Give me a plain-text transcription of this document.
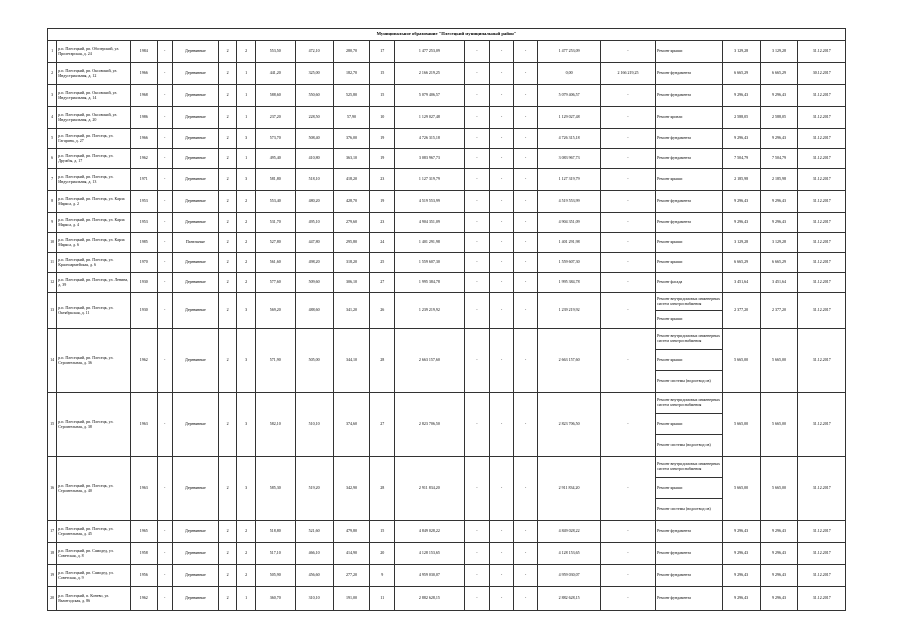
Муниципальное образование "Плесецкий муниципальный район"																				
1	р.п. Плесецкий, рп. Обозерский, ул. Пролетарская, д. 24	1984	-	Деревянные	2	2	553,50	472,10	280,70	17	1 477 253,09	-	-	-	1 477 253,09	-	Ремонт крыши	3 129,28	3 129,28	31.12.2017
2	р.п. Плесецкий, рп. Оксовский, ул. Индустриальная, д. 12	1966	-	Деревянные	2	1	441,20	325,00	182,70	15	2 166 219,25	-	-	-	0,00	2 166 219,25	Ремонт фундамента	6 665,29	6 665,29	30.12.2017
3	р.п. Плесецкий, рп. Оксовский, ул. Индустриальная, д. 14	1968	-	Деревянные	2	1	588,60	550,60	525,80	15	5 079 406,57	-	-	-	5 079 406,57	-	Ремонт фундамента	9 296,43	9 296,43	31.12.2017
4	р.п. Плесецкий, рп. Оксовский, ул. Индустриальная, д. 20	1986	-	Деревянные	2	1	237,20	228,50	57,90	10	1 129 027,48	-	-	-	1 129 027,48	-	Ремонт кровли	2 588,05	2 588,05	31.12.2017
5	р.п. Плесецкий, рп. Плесецк, ул. Гагарина, д. 27	1966	-	Деревянные	2	3	573,70	508,40	376,00	19	4 726 315,18	-	-	-	4 726 315,18	-	Ремонт фундамента	9 296,43	9 296,43	31.12.2017
6	р.п. Плесецкий, рп. Плесецк, ул. Дружбы, д. 17	1962	-	Деревянные	2	1	495,40	410,80	363,10	19	3 083 967,73	-	-	-	3 083 967,73	-	Ремонт фундамента	7 504,79	7 504,79	31.12.2017
7	р.п. Плесецкий, рп. Плесецк, ул. Индустриальная, д. 13	1971	-	Деревянные	2	3	581,80	518,10	418,20	23	1 127 319,79	-	-	-	1 127 319,79	-	Ремонт крыши	2 185,98	2 185,98	31.12.2017
8	р.п. Плесецкий, рп. Плесецк, ул. Карла Маркса, д. 2	1953	-	Деревянные	2	2	553,40	480,20	428,70	19	4 519 553,99	-	-	-	4 519 553,99	-	Ремонт фундамента	9 296,43	9 296,43	31.12.2017
9	р.п. Плесецкий, рп. Плесецк, ул. Карла Маркса, д. 4	1953	-	Деревянные	2	2	531,70	495,10	279,60	23	4 904 351,09	-	-	-	4 904 351,09	-	Ремонт фундамента	9 296,43	9 296,43	31.12.2017
10	р.п. Плесецкий, рп. Плесецк, ул. Карла Маркса, д. 6	1985	-	Панельные	2	2	527,80	447,80	295,80	24	1 401 291,98	-	-	-	1 401 291,98	-	Ремонт крыши	3 129,28	3 129,28	31.12.2017
11	р.п. Плесецкий, рп. Плесецк, ул. Красноармейская, д. 6	1970	-	Деревянные	2	2	561,60	498,20	318,20	25	1 559 607,30	-	-	-	1 559 607,30	-	Ремонт крыши	6 665,29	6 665,29	31.12.2017
12	р.п. Плесецкий, рп. Плесецк, ул. Ленина, д. 39	1930	-	Деревянные	2	2	577,60	509,60	306,10	27	1 995 384,78	-	-	-	1 995 384,78	-	Ремонт фасада	3 451,64	3 451,64	31.12.2017
13	р.п. Плесецкий, рп. Плесецк, ул. Октябрьская, д. 11	1930	-	Деревянные	2	3	569,20	488,60	341,20	26	1 239 219,92	-	-	-	1 239 219,92	-	Ремонт внутридомовых инженерных систем электроснабжения	2 377,20	2 377,20	31.12.2017
																	Ремонт крыши			
14	р.п. Плесецкий, рп. Плесецк, ул. Строительная, д. 36	1962	-	Деревянные	2	3	571,90	505,00	344,10	28	2 663 157,60	-	-	-	2 663 157,60	-	Ремонт внутридомовых инженерных систем электроснабжения	5 665,00	5 665,00	31.12.2017
																	Ремонт крыши			
																	Ремонт системы (водоотвод ов)			
15	р.п. Плесецкий, рп. Плесецк, ул. Строительная, д. 38	1963	-	Деревянные	2	3	582,10	510,10	374,60	27	2 823 706,50	-	-	-	2 823 706,50	-	Ремонт внутридомовых инженерных систем электроснабжения	5 665,00	5 665,00	31.12.2017
																	Ремонт крыши			
																	Ремонт системы (водоотвод ов)			
16	р.п. Плесецкий, рп. Плесецк, ул. Строительная, д. 40	1963	-	Деревянные	2	3	585,30	519,20	342,90	28	2 911 834,20	-	-	-	2 911 834,20	-	Ремонт внутридомовых инженерных систем электроснабжения	5 665,00	5 665,00	31.12.2017
																	Ремонт крыши			
																	Ремонт системы (водоотвод ов)			
17	р.п. Плесецкий, рп. Плесецк, ул. Строительная, д. 45	1965	-	Деревянные	2	2	518,80	521,60	479,80	15	4 849 028,22	-	-	-	4 849 028,22	-	Ремонт фундамента	9 296,43	9 296,43	31.12.2017
18	р.п. Плесецкий, рп. Самодед, ул. Советская, д. 8	1958	-	Деревянные	2	2	517,10	466,10	414,90	20	4 128 153,65	-	-	-	4 128 153,65	-	Ремонт фундамента	9 296,43	9 296,43	31.12.2017
19	р.п. Плесецкий, рп. Самодед, ул. Советская, д. 9	1956	-	Деревянные	2	2	505,90	456,60	277,20	9	4 959 030,07	-	-	-	4 959 030,07	-	Ремонт фундамента	9 296,43	9 296,43	31.12.2017
20	р.п. Плесецкий, п. Конево, ул. Вычегодская, д. 86	1962	-	Деревянные	2	1	360,70	310,10	191,00	11	2 882 628,15	-	-	-	2 882 628,15	-	Ремонт фундамента	9 296,43	9 296,43	31.12.2017
